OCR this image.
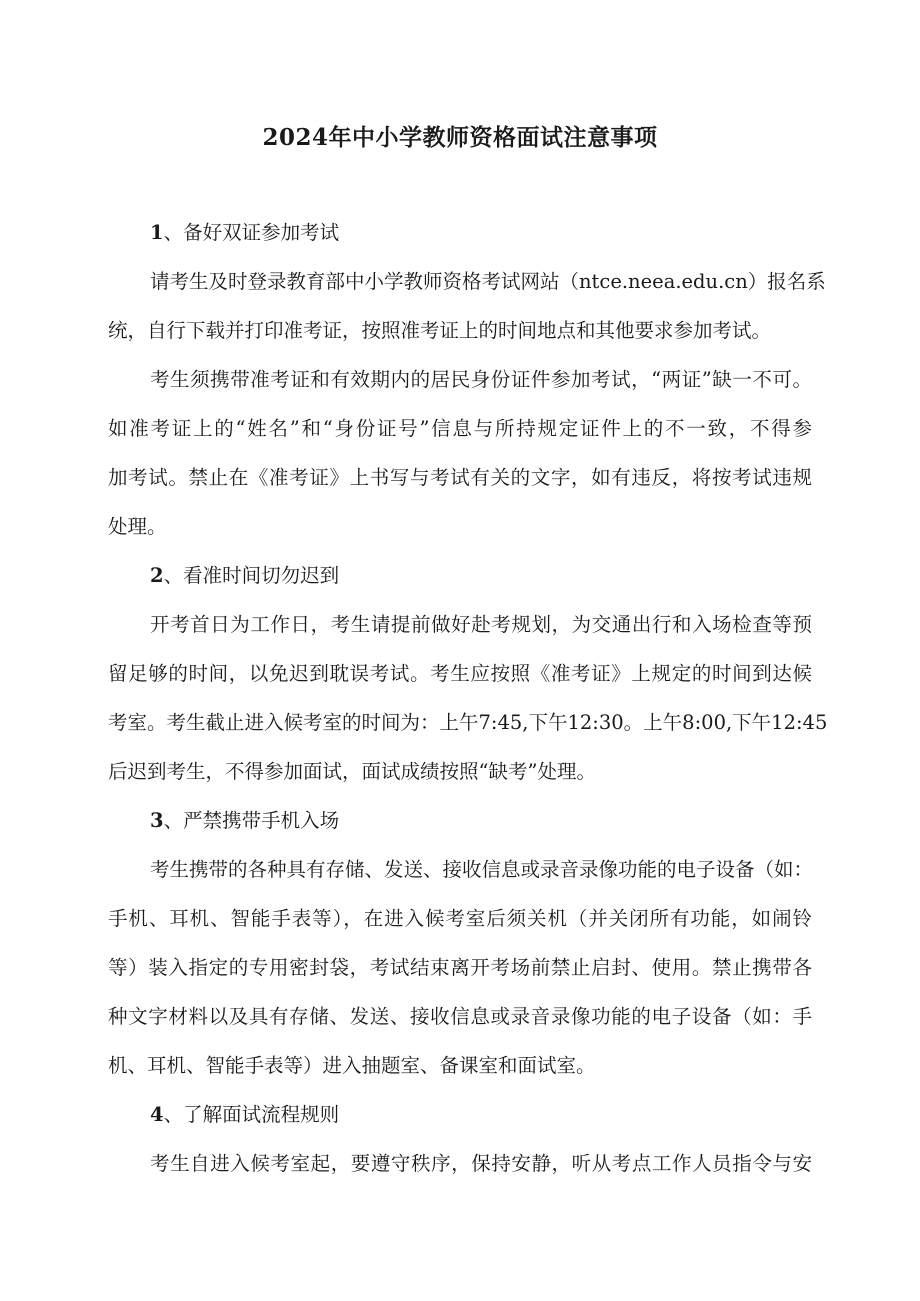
2024年中小学教师资格面试注意事项
1、备好双证参加考试
请考生及时登录教育部中小学教师资格考试网站（ntce.neea.edu.cn）报名系
统，自行下载并打印准考证，按照准考证上的时间地点和其他要求参加考试。
考生须携带准考证和有效期内的居民身份证件参加考试，“两证”缺一不可。
如准考证上的“姓名”和“身份证号”信息与所持规定证件上的不一致，不得参
加考试。禁止在《准考证》上书写与考试有关的文字，如有违反，将按考试违规
处理。
2、看准时间切勿迟到
开考首日为工作日，考生请提前做好赴考规划，为交通出行和入场检查等预
留足够的时间，以免迟到耽误考试。考生应按照《准考证》上规定的时间到达候
考室。考生截止进入候考室的时间为：上午7:45,下午12:30。上午8:00,下午12:45
后迟到考生，不得参加面试，面试成绩按照“缺考”处理。
3、严禁携带手机入场
考生携带的各种具有存储、发送、接收信息或录音录像功能的电子设备（如：
手机、耳机、智能手表等），在进入候考室后须关机（并关闭所有功能，如闹铃
等）装入指定的专用密封袋，考试结束离开考场前禁止启封、使用。禁止携带各
种文字材料以及具有存储、发送、接收信息或录音录像功能的电子设备（如：手
机、耳机、智能手表等）进入抽题室、备课室和面试室。
4、了解面试流程规则
考生自进入候考室起，要遵守秩序，保持安静，听从考点工作人员指令与安
